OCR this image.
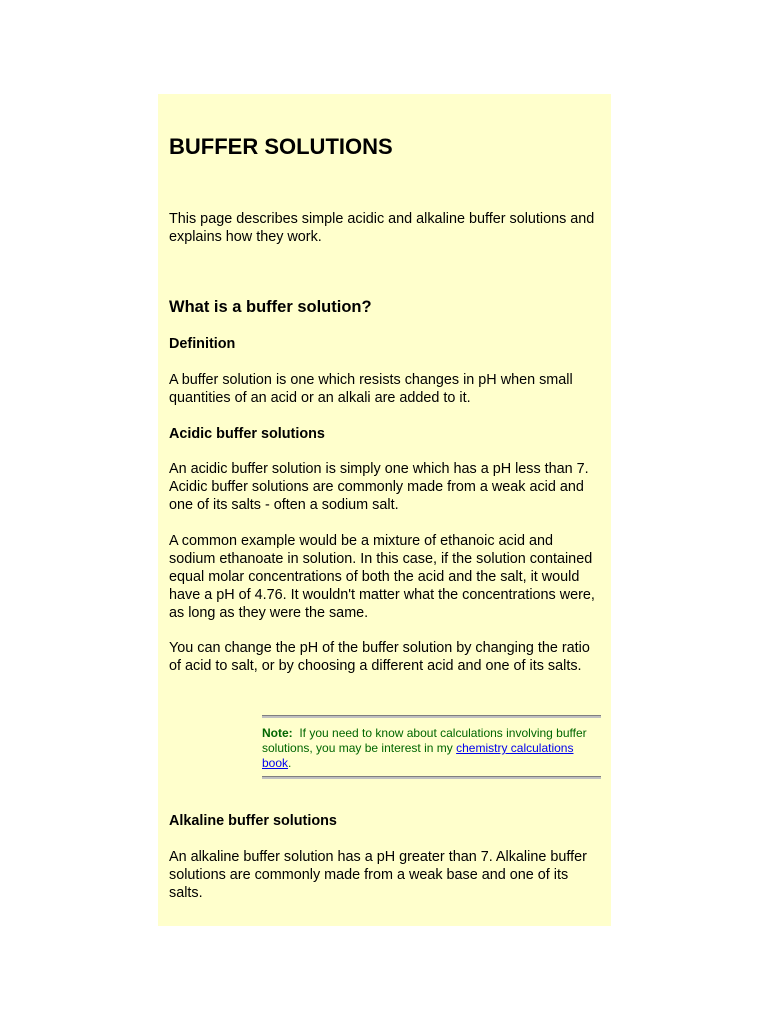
BUFFER SOLUTIONS

This page describes simple acidic and alkaline buffer solutions and explains how they work.

What is a buffer solution?
Definition

A buffer solution is one which resists changes in pH when small quantities of an acid or an alkali are added to it.

Acidic buffer solutions

An acidic buffer solution is simply one which has a pH less than 7. Acidic buffer solutions are commonly made from a weak acid and one of its salts - often a sodium salt.

A common example would be a mixture of ethanoic acid and sodium ethanoate in solution. In this case, if the solution contained equal molar concentrations of both the acid and the salt, it would have a pH of 4.76. It wouldn't matter what the concentrations were, as long as they were the same.

You can change the pH of the buffer solution by changing the ratio of acid to salt, or by choosing a different acid and one of its salts.

Note: If you need to know about calculations involving buffer solutions, you may be interest in my chemistry calculations book.

Alkaline buffer solutions

An alkaline buffer solution has a pH greater than 7. Alkaline buffer solutions are commonly made from a weak base and one of its salts.
